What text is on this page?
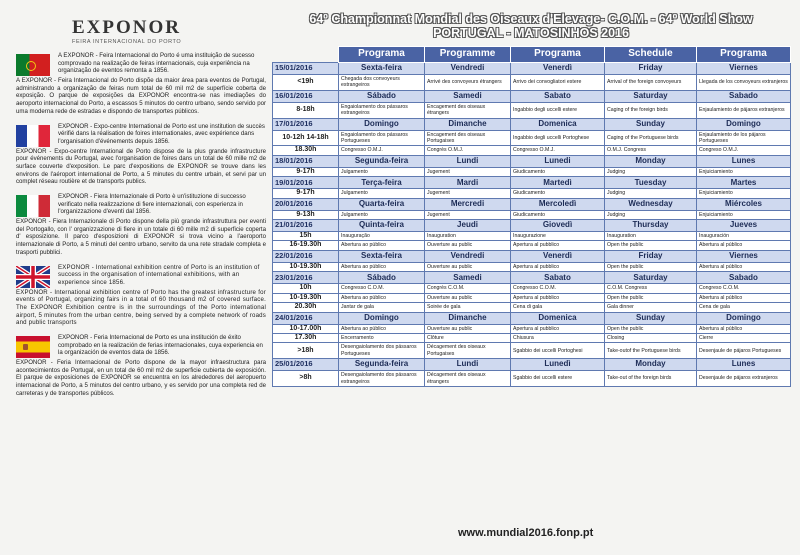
EXPONOR
FEIRA INTERNACIONAL DO PORTO
A EXPONOR - Feira Internacional do Porto é uma instituição de sucesso comprovado na realização de feiras internacionais, cuja experiência na organização de eventos remonta a 1856.
A EXPONOR - Feira Internacional do Porto dispõe da maior área para eventos de Portugal, administrando a organização de feiras num total de 60 mil m2 de superfície coberta de exposição. O parque de exposições da EXPONOR encontra-se nas imediações do aeroporto internacional do Porto, a escassos 5 minutos do centro urbano, sendo servido por uma moderna rede de estradas e dispondo de transportes públicos.
EXPONOR - Expo-centre International de Porto est une institution de succès vérifié dans la réalisation de foires internationales, avec expérience dans l'organisation d'événements depuis 1856.
EXPONOR - Expo-centre International de Porto dispose de la plus grande infrastructure pour événements du Portugal, avec l'organisation de foires dans un total de 60 mille m2 de surface couverte d'exposition. Le parc d'expositions de EXPONOR se trouve dans les environs de l'aéroport international de Porto, a 5 minutes du centre urbain, et servi par un complet réseau routière et de transports publics.
EXPONOR - Fiera Internazionale di Porto è un'istituzione di successo verificato nella realizzazione di fiere internazionali, con esperienza in l'organizzazione d'eventi dal 1856.
EXPONOR - Fiera Internazionale di Porto dispone della più grande infrastruttura per eventi del Portogallo, con l' organizzazione di fiere in un totale di 60 mille m2 di superficie coperta d' esposizione. Il parco d'esposizioni di EXPONOR si trova vicino a l'aeroporto internazionale di Porto, a 5 minuti del centro urbano, servito da una rete stradale completa e trasporti pubblici.
EXPONOR - International exhibition centre of Porto is an institution of success in the organisation of international exhibitions, with an experience since 1856.
EXPONOR - International exhibition centre of Porto has the greatest infrastructure for events of Portugal, organizing fairs in a total of 60 thousand m2 of covered surface. The EXPONOR Exhibition centre is in the surroundings of the Porto international airport, 5 minutes from the urban centre, being served by a complete network of roads and public transports
EXPONOR - Feria Internacional de Porto es una institución de éxito comprobado en la realización de ferias internacionales, cuya experiencia en la organización de eventos data de 1856.
EXPONOR - Feria Internacional de Porto dispone de la mayor infraestructura para acontecimientos de Portugal, en un total de 60 mil m2 de superficie cubierta de exposición. El parque de exposiciones de EXPONOR se encuentra en los alrededores del aeropuerto internacional de Porto, a 5 minutos del centro urbano, y es servido por una completa red de carreteras y de transportes públicos.
64º Championnat Mondial des Oiseaux d'Elevage- C.O.M. - 64º World Show
PORTUGAL - MATOSINHOS 2016
	Programa	Programme	Programa	Schedule	Programa
15/01/2016	Sexta-feira	Vendredi	Venerdì	Friday	Viernes
<19h	Chegada dos convoyeurs estrangeiros	Arrivé des convoyeurs étrangers	Arrivo dei convogliatori estere	Arrival of the foreign convoyeurs	Llegada de los convoyeurs extranjeros
16/01/2016	Sábado	Samedi	Sabato	Saturday	Sabado
8-18h	Engaiolamento dos pássaros estrangeiros	Encagement des oiseaux étrangers	Ingabbio degli uccelli estere	Caging of the foreign birds	Enjaulamiento de pájaros extranjeros
17/01/2016	Domingo	Dimanche	Domenica	Sunday	Domingo
10-12h 14-18h	Engaiolamento dos pássaros Portugueses	Encagement des oiseaux Portugaises	Ingabbio degli uccelli Portoghese	Caging of the Portuguese birds	Enjaulamiento de los pájaros Portugueses
18.30h	Congresso O.M.J.	Congrès O.M.J.	Congresso O.M.J.	O.M.J. Congress	Congreso O.M.J.
18/01/2016	Segunda-feira	Lundi	Lunedi	Monday	Lunes
9-17h	Julgamento	Jugement	Giudicamento	Judging	Enjuiciamiento
19/01/2016	Terça-feira	Mardi	Martedì	Tuesday	Martes
9-17h	Julgamento	Jugement	Giudicamento	Judging	Enjuiciamiento
20/01/2016	Quarta-feira	Mercredi	Mercoledì	Wednesday	Miércoles
9-13h	Julgamento	Jugement	Giudicamento	Judging	Enjuiciamiento
21/01/2016	Quinta-feira	Jeudi	Giovedì	Thursday	Jueves
15h	Inauguração	Inauguration	Inaugurazione	Inauguration	Inauguración
16-19.30h	Abertura ao público	Ouverture au public	Apertura al pubblico	Open the public	Abertura al público
22/01/2016	Sexta-feira	Vendredi	Venerdì	Friday	Viernes
10-19.30h	Abertura ao público	Ouverture au public	Apertura al pubblico	Open the public	Abertura al público
23/01/2016	Sábado	Samedi	Sabato	Saturday	Sabado
10h	Congresso C.O.M.	Congrès C.O.M.	Congresso C.O.M.	C.O.M. Congress	Congreso C.O.M.
10-19.30h	Abertura ao público	Ouverture au public	Apertura al pubblico	Open the public	Abertura al público
20.30h	Jantar de gala	Soirée de gala	Cena di gala	Gala dinner	Cena de gala
24/01/2016	Domingo	Dimanche	Domenica	Sunday	Domingo
10-17.00h	Abertura ao público	Ouverture au public	Apertura al pubblico	Open the public	Abertura al público
17.30h	Encerramento	Clôture	Chiusura	Closing	Cierre
>18h	Desengaiolamento dos pássaros Portugueses	Décagement des oiseaux Portugaises	Sgabbio dei uccelli Portoghesi	Take-outof the Portuguese birds	Desenjaule de pájaros Portugueses
25/01/2016	Segunda-feira	Lundi	Lunedì	Monday	Lunes
>8h	Desengaiolamento dos pássaros estrangeiros	Décagement des oiseaux étrangers	Sgabbio dei uccelli estere	Take-out of the foreign birds	Desenjaule de pájaros extranjeros
www.mundial2016.fonp.pt
